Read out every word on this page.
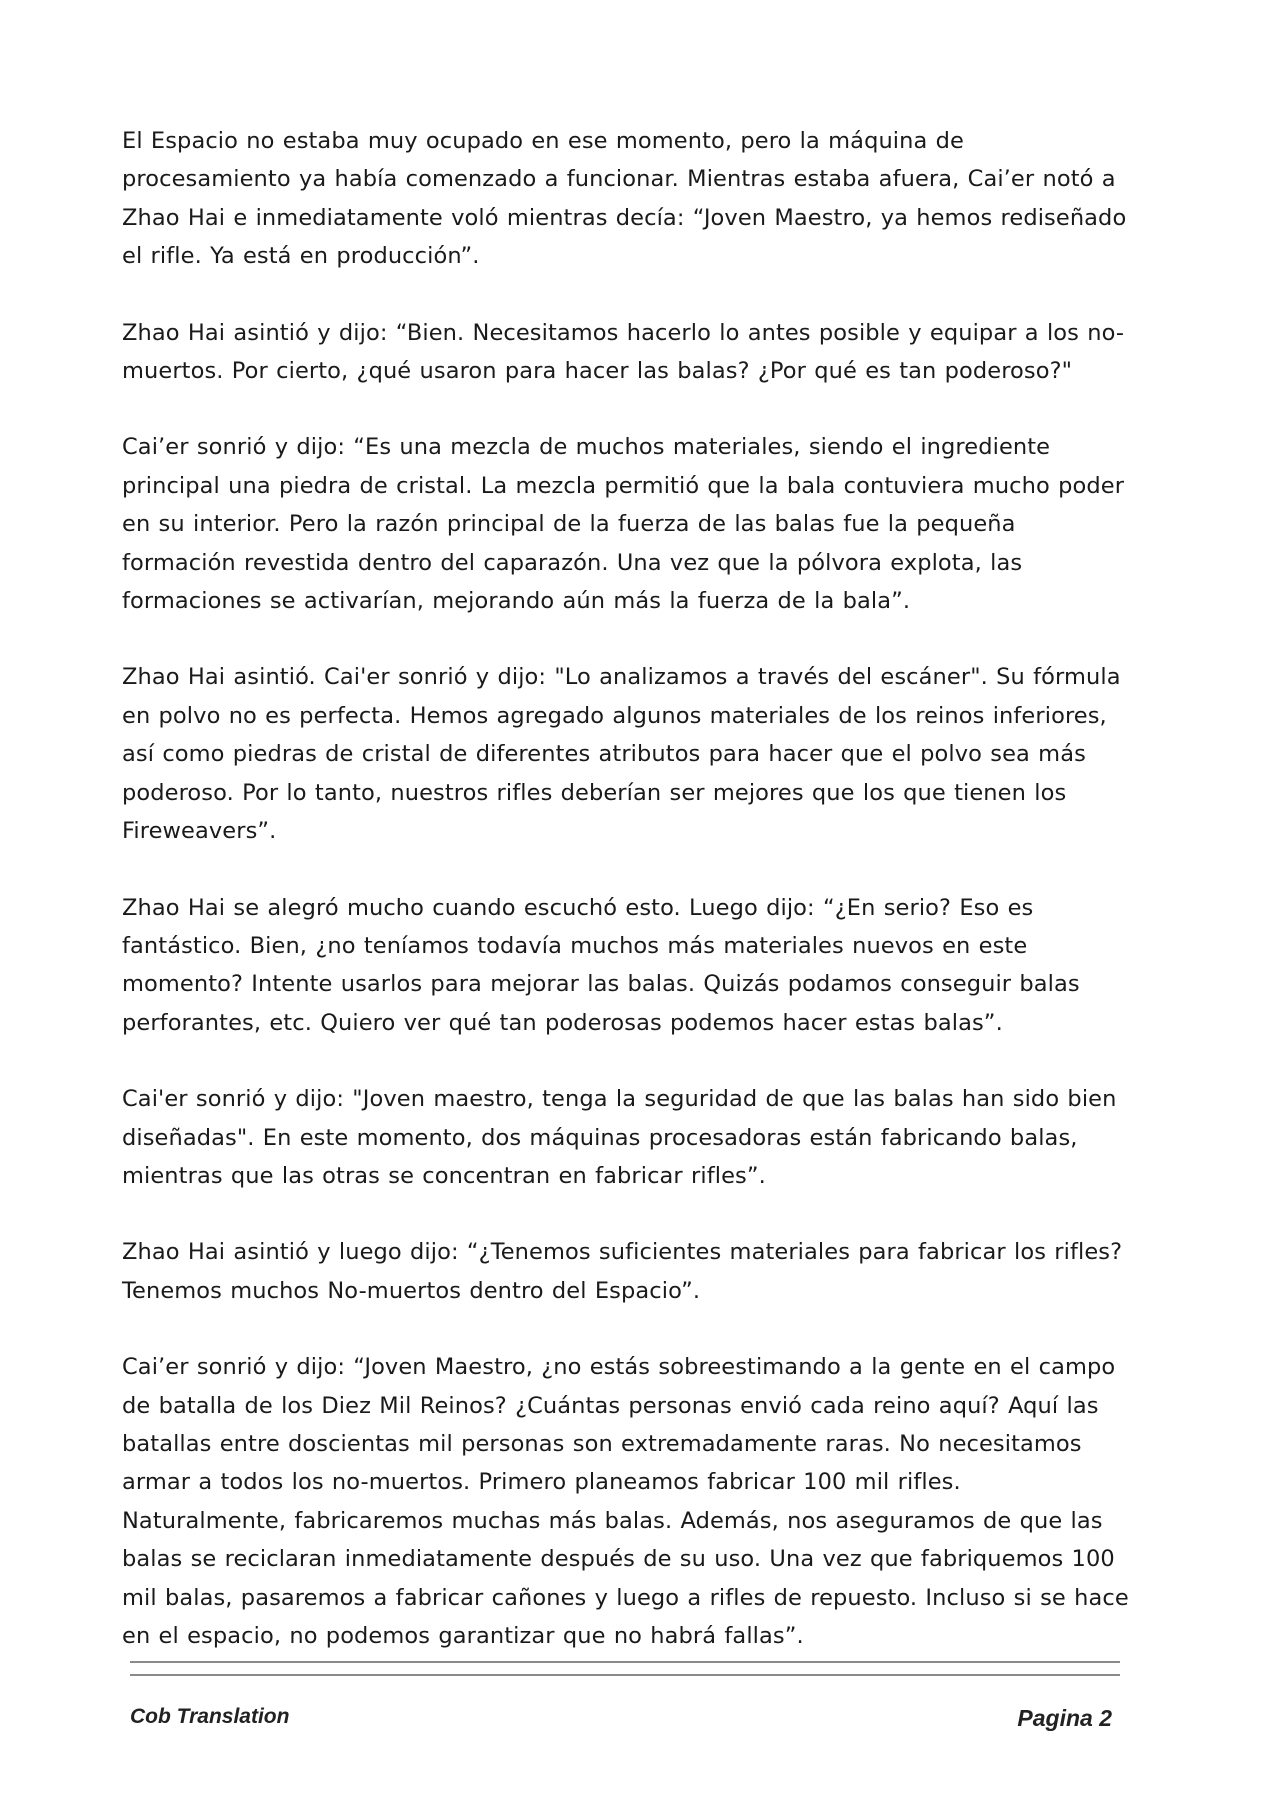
El Espacio no estaba muy ocupado en ese momento, pero la máquina de procesamiento ya había comenzado a funcionar. Mientras estaba afuera, Cai’er notó a Zhao Hai e inmediatamente voló mientras decía: “Joven Maestro, ya hemos rediseñado el rifle. Ya está en producción”.

Zhao Hai asintió y dijo: “Bien. Necesitamos hacerlo lo antes posible y equipar a los no-muertos. Por cierto, ¿qué usaron para hacer las balas? ¿Por qué es tan poderoso?"

Cai’er sonrió y dijo: “Es una mezcla de muchos materiales, siendo el ingrediente principal una piedra de cristal. La mezcla permitió que la bala contuviera mucho poder en su interior. Pero la razón principal de la fuerza de las balas fue la pequeña formación revestida dentro del caparazón. Una vez que la pólvora explota, las formaciones se activarían, mejorando aún más la fuerza de la bala”.

Zhao Hai asintió. Cai'er sonrió y dijo: "Lo analizamos a través del escáner". Su fórmula en polvo no es perfecta. Hemos agregado algunos materiales de los reinos inferiores, así como piedras de cristal de diferentes atributos para hacer que el polvo sea más poderoso. Por lo tanto, nuestros rifles deberían ser mejores que los que tienen los Fireweavers”.

Zhao Hai se alegró mucho cuando escuchó esto. Luego dijo: “¿En serio? Eso es fantástico. Bien, ¿no teníamos todavía muchos más materiales nuevos en este momento? Intente usarlos para mejorar las balas. Quizás podamos conseguir balas perforantes, etc. Quiero ver qué tan poderosas podemos hacer estas balas”.

Cai'er sonrió y dijo: "Joven maestro, tenga la seguridad de que las balas han sido bien diseñadas". En este momento, dos máquinas procesadoras están fabricando balas, mientras que las otras se concentran en fabricar rifles”.

Zhao Hai asintió y luego dijo: “¿Tenemos suficientes materiales para fabricar los rifles? Tenemos muchos No-muertos dentro del Espacio”.

Cai’er sonrió y dijo: “Joven Maestro, ¿no estás sobreestimando a la gente en el campo de batalla de los Diez Mil Reinos? ¿Cuántas personas envió cada reino aquí? Aquí las batallas entre doscientas mil personas son extremadamente raras. No necesitamos armar a todos los no-muertos. Primero planeamos fabricar 100 mil rifles. Naturalmente, fabricaremos muchas más balas. Además, nos aseguramos de que las balas se reciclaran inmediatamente después de su uso. Una vez que fabriquemos 100 mil balas, pasaremos a fabricar cañones y luego a rifles de repuesto. Incluso si se hace en el espacio, no podemos garantizar que no habrá fallas”.

Cob Translation	Pagina 2
